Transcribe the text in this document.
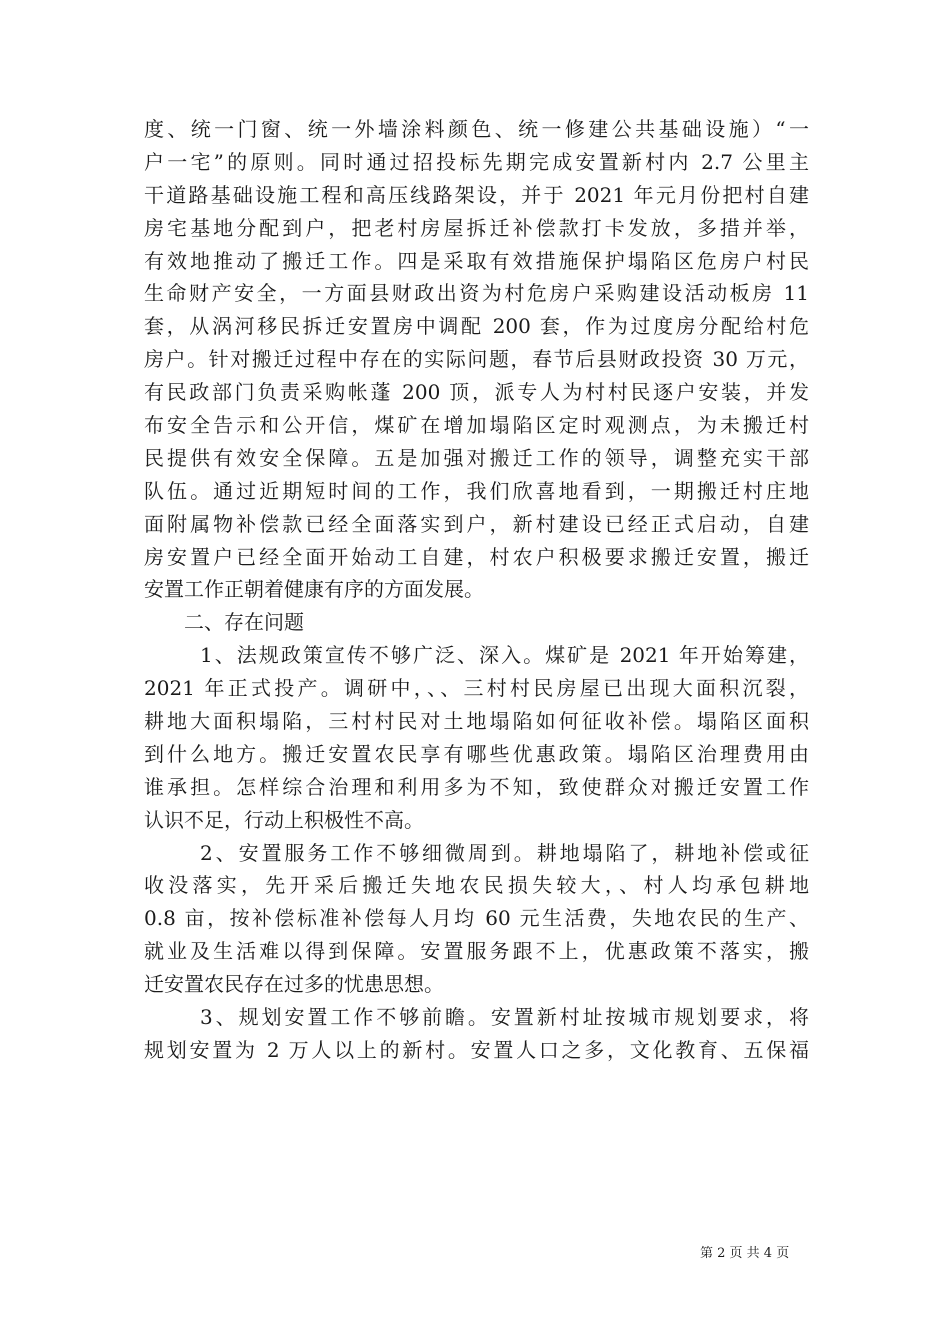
度、统一门窗、统一外墙涂料颜色、统一修建公共基础设施）“一
户一宅”的原则。同时通过招投标先期完成安置新村内 2.7 公里主
干道路基础设施工程和高压线路架设，并于 2021 年元月份把村自建
房宅基地分配到户，把老村房屋拆迁补偿款打卡发放，多措并举，
有效地推动了搬迁工作。四是采取有效措施保护塌陷区危房户村民
生命财产安全，一方面县财政出资为村危房户采购建设活动板房 11
套，从涡河移民拆迁安置房中调配 200 套，作为过度房分配给村危
房户。针对搬迁过程中存在的实际问题，春节后县财政投资 30 万元，
有民政部门负责采购帐蓬 200 顶，派专人为村村民逐户安装，并发
布安全告示和公开信，煤矿在增加塌陷区定时观测点，为未搬迁村
民提供有效安全保障。五是加强对搬迁工作的领导，调整充实干部
队伍。通过近期短时间的工作，我们欣喜地看到，一期搬迁村庄地
面附属物补偿款已经全面落实到户，新村建设已经正式启动，自建
房安置户已经全面开始动工自建，村农户积极要求搬迁安置，搬迁
安置工作正朝着健康有序的方面发展。
二、存在问题
1、法规政策宣传不够广泛、深入。煤矿是 2021 年开始筹建，
2021 年正式投产。调研中，、、三村村民房屋已出现大面积沉裂，
耕地大面积塌陷，三村村民对土地塌陷如何征收补偿。塌陷区面积
到什么地方。搬迁安置农民享有哪些优惠政策。塌陷区治理费用由
谁承担。怎样综合治理和利用多为不知，致使群众对搬迁安置工作
认识不足，行动上积极性不高。
2、安置服务工作不够细微周到。耕地塌陷了，耕地补偿或征
收没落实，先开采后搬迁失地农民损失较大，、村人均承包耕地
0.8 亩，按补偿标准补偿每人月均 60 元生活费，失地农民的生产、
就业及生活难以得到保障。安置服务跟不上，优惠政策不落实，搬
迁安置农民存在过多的忧患思想。
3、规划安置工作不够前瞻。安置新村址按城市规划要求，将
规划安置为 2 万人以上的新村。安置人口之多，文化教育、五保福
第 2 页 共 4 页
